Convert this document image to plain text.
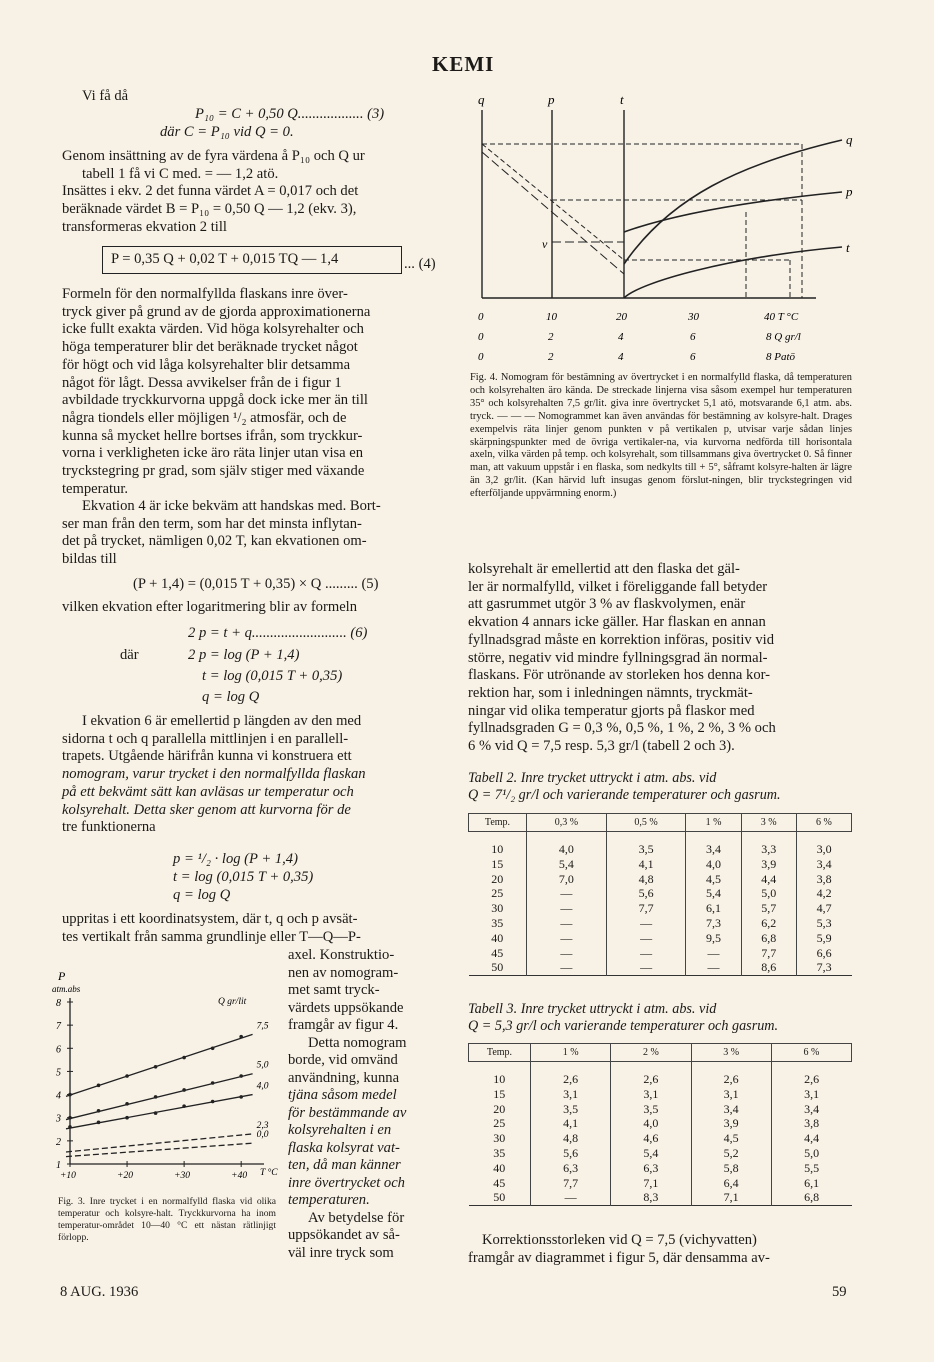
KEMI
Vi få då
P₁₀ = C + 0,50 Q.................. (3)
där C = P₁₀ vid Q = 0.
Genom insättning av de fyra värdena å P₁₀ och Q ur
tabell 1 få vi C med. = — 1,2 atö.
Insättes i ekv. 2 det funna värdet A = 0,017 och det
beräknade värdet B = P₁₀ = 0,50 Q — 1,2 (ekv. 3),
transformeras ekvation 2 till
P = 0,35 Q + 0,02 T + 0,015 TQ — 1,4	... (4)
Formeln för den normalfyllda flaskans inre över-
tryck giver på grund av de gjorda approximationerna
icke fullt exakta värden. Vid höga kolsyrehalter och
höga temperaturer blir det beräknade trycket något
för högt och vid låga kolsyrehalter blir detsamma
något för lågt. Dessa avvikelser från de i figur 1
avbildade tryckkurvorna uppgå dock icke mer än till
några tiondels eller möjligen ¹/₂ atmosfär, och de
kunna så mycket hellre bortses ifrån, som tryckkur-
vorna i verkligheten icke äro räta linjer utan visa en
tryckstegring pr grad, som själv stiger med växande
temperatur.
Ekvation 4 är icke bekväm att handskas med. Bort-
ser man från den term, som har det minsta inflytan-
det på trycket, nämligen 0,02 T, kan ekvationen om-
bildas till
(P + 1,4) = (0,015 T + 0,35) × Q ......... (5)
vilken ekvation efter logaritmering blir av formeln
2 p = t + q.......................... (6)
där	2 p = log (P + 1,4)
t = log (0,015 T + 0,35)
q = log Q
I ekvation 6 är emellertid p längden av den med
sidorna t och q parallella mittlinjen i en parallell-
trapets. Utgående härifrån kunna vi konstruera ett
nomogram, varur trycket i den normalfyllda flaskan
på ett bekvämt sätt kan avläsas ur temperatur och
kolsyrehalt. Detta sker genom att kurvorna för de
tre funktionerna
p = ¹/₂ · log (P + 1,4)
t = log (0,015 T + 0,35)
q = log Q
uppritas i ett koordinatsystem, där t, q och p avsät-
tes vertikalt från samma grundlinje eller T—Q—P-
axel. Konstruktio-
nen av nomogram-
met samt tryck-
värdets uppsökande
framgår av figur 4.
Detta nomogram
borde, vid omvänd
användning, kunna
tjäna såsom medel
för bestämmande av
kolsyrehalten i en
flaska kolsyrat vat-
ten, då man känner
inre övertrycket och
temperaturen.
Av betydelse för
uppsökandet av så-
väl inre tryck som
P
atm.abs
Q gr/lit
T °C
1
2
3
4
5
6
7
8
+10	+20	+30	+40
7,5
5,0
4,0
2,3
0,0
Fig. 3. Inre trycket i en normalfylld flaska vid olika temperatur och kolsyre-halt. Tryckkurvorna ha inom temperatur-området 10—40 °C ett nästan rätlinjigt förlopp.
8 AUG. 1936
q	p	t
q
p
t
v
0	10	20	30	40 T °C
0	2	4	6	8 Q gr/l
0	2	4	6	8 Patö
Fig. 4. Nomogram för bestämning av övertrycket i en normalfylld flaska, då temperaturen och kolsyrehalten äro kända. De streckade linjerna visa såsom exempel hur temperaturen 35° och kolsyrehalten 7,5 gr/lit. giva inre övertrycket 5,1 atö, motsvarande 6,1 atm. abs. tryck. — — — Nomogrammet kan även användas för bestämning av kolsyre-halt. Drages exempelvis räta linjer genom punkten v på vertikalen p, utvisar varje sådan linjes skärpningspunkter med de övriga vertikaler-na, via kurvorna nedförda till horisontala axeln, vilka värden på temp. och kolsyrehalt, som tillsammans giva övertrycket 0. Så finner man, att vakuum uppstår i en flaska, som nedkylts till + 5°, såframt kolsyre-halten är lägre än 3,2 gr/lit. (Kan härvid luft insugas genom förslut-ningen, blir tryckstegringen vid efterföljande uppvärmning enorm.)
kolsyrehalt är emellertid att den flaska det gäl-
ler är normalfylld, vilket i föreliggande fall betyder
att gasrummet utgör 3 % av flaskvolymen, enär
ekvation 4 annars icke gäller. Har flaskan en annan
fyllnadsgrad måste en korrektion införas, positiv vid
större, negativ vid mindre fyllningsgrad än normal-
flaskans. För utrönande av storleken hos denna kor-
rektion har, som i inledningen nämnts, tryckmät-
ningar vid olika temperatur gjorts på flaskor med
fyllnadsgraden G = 0,3 %, 0,5 %, 1 %, 2 %, 3 % och
6 % vid Q = 7,5 resp. 5,3 gr/l (tabell 2 och 3).
Tabell 2. Inre trycket uttryckt i atm. abs. vid
Q = 7¹/₂ gr/l och varierande temperaturer och gasrum.
Temp.	0,3 %	0,5 %	1 %	3 %	6 %
10	4,0	3,5	3,4	3,3	3,0
15	5,4	4,1	4,0	3,9	3,4
20	7,0	4,8	4,5	4,4	3,8
25	—	5,6	5,4	5,0	4,2
30	—	7,7	6,1	5,7	4,7
35	—	—	7,3	6,2	5,3
40	—	—	9,5	6,8	5,9
45	—	—	—	7,7	6,6
50	—	—	—	8,6	7,3
Tabell 3. Inre trycket uttryckt i atm. abs. vid
Q = 5,3 gr/l och varierande temperaturer och gasrum.
Temp.	1 %	2 %	3 %	6 %
10	2,6	2,6	2,6	2,6
15	3,1	3,1	3,1	3,1
20	3,5	3,5	3,4	3,4
25	4,1	4,0	3,9	3,8
30	4,8	4,6	4,5	4,4
35	5,6	5,4	5,2	5,0
40	6,3	6,3	5,8	5,5
45	7,7	7,1	6,4	6,1
50	—	8,3	7,1	6,8
Korrektionsstorleken vid Q = 7,5 (vichyvatten)
framgår av diagrammet i figur 5, där densamma av-
59
